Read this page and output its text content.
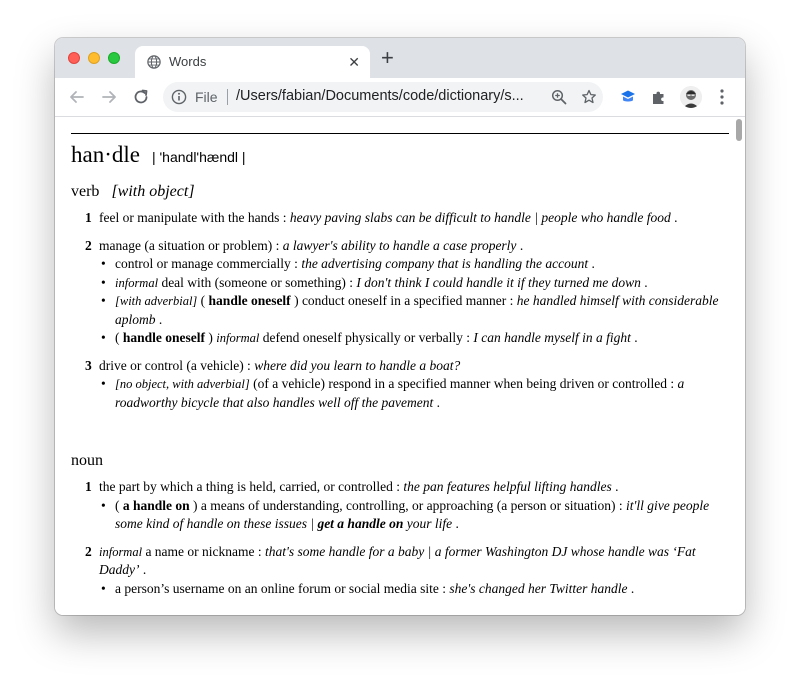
Words	✕ +
File /Users/fabian/Documents/code/dictionary/s...
han·dle | 'handl'hændl |
verb [with object]
1 feel or manipulate with the hands : heavy paving slabs can be difficult to handle | people who handle food .
2 manage (a situation or problem) : a lawyer's ability to handle a case properly .
• control or manage commercially : the advertising company that is handling the account .
• informal deal with (someone or something) : I don't think I could handle it if they turned me down .
• [with adverbial] ( handle oneself ) conduct oneself in a specified manner : he handled himself with considerable aplomb .
• ( handle oneself ) informal defend oneself physically or verbally : I can handle myself in a fight .
3 drive or control (a vehicle) : where did you learn to handle a boat?
• [no object, with adverbial] (of a vehicle) respond in a specified manner when being driven or controlled : a roadworthy bicycle that also handles well off the pavement .
noun
1 the part by which a thing is held, carried, or controlled : the pan features helpful lifting handles .
• ( a handle on ) a means of understanding, controlling, or approaching (a person or situation) : it'll give people some kind of handle on these issues | get a handle on your life .
2 informal a name or nickname : that's some handle for a baby | a former Washington DJ whose handle was ‘Fat Daddy’ .
• a person’s username on an online forum or social media site : she's changed her Twitter handle .
